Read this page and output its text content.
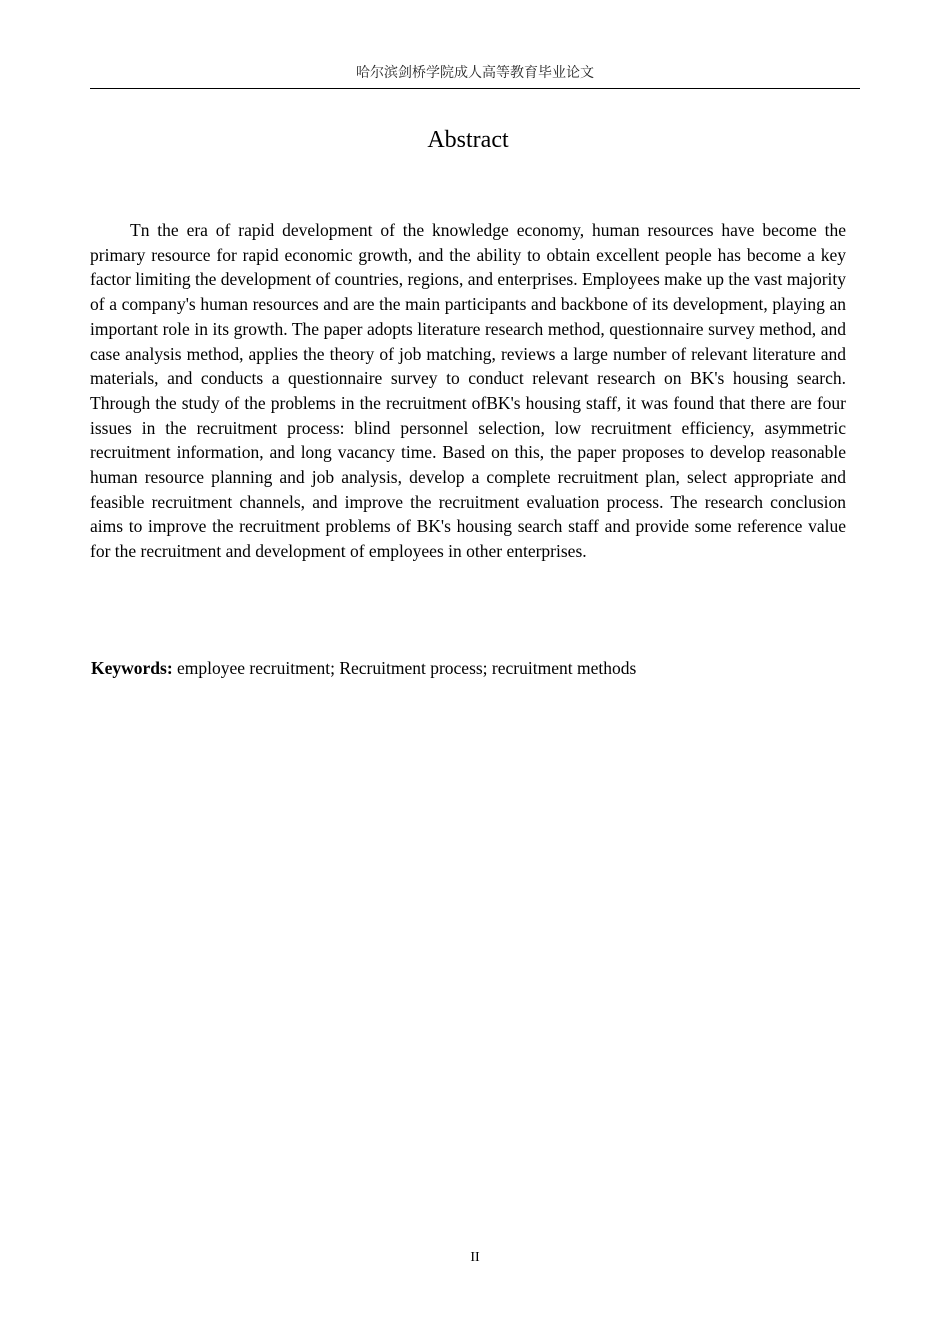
哈尔滨剑桥学院成人高等教育毕业论文
Abstract

Tn the era of rapid development of the knowledge economy, human resources have become the primary resource for rapid economic growth, and the ability to obtain excellent people has become a key factor limiting the development of countries, regions, and enterprises. Employees make up the vast majority of a company's human resources and are the main participants and backbone of its development, playing an important role in its growth. The paper adopts literature research method, questionnaire survey method, and case analysis method, applies the theory of job matching, reviews a large number of relevant literature and materials, and conducts a questionnaire survey to conduct relevant research on BK's housing search. Through the study of the problems in the recruitment ofBK's housing staff, it was found that there are four issues in the recruitment process: blind personnel selection, low recruitment efficiency, asymmetric recruitment information, and long vacancy time. Based on this, the paper proposes to develop reasonable human resource planning and job analysis, develop a complete recruitment plan, select appropriate and feasible recruitment channels, and improve the recruitment evaluation process. The research conclusion aims to improve the recruitment problems of BK's housing search staff and provide some reference value for the recruitment and development of employees in other enterprises.

Keywords: employee recruitment; Recruitment process; recruitment methods

II
